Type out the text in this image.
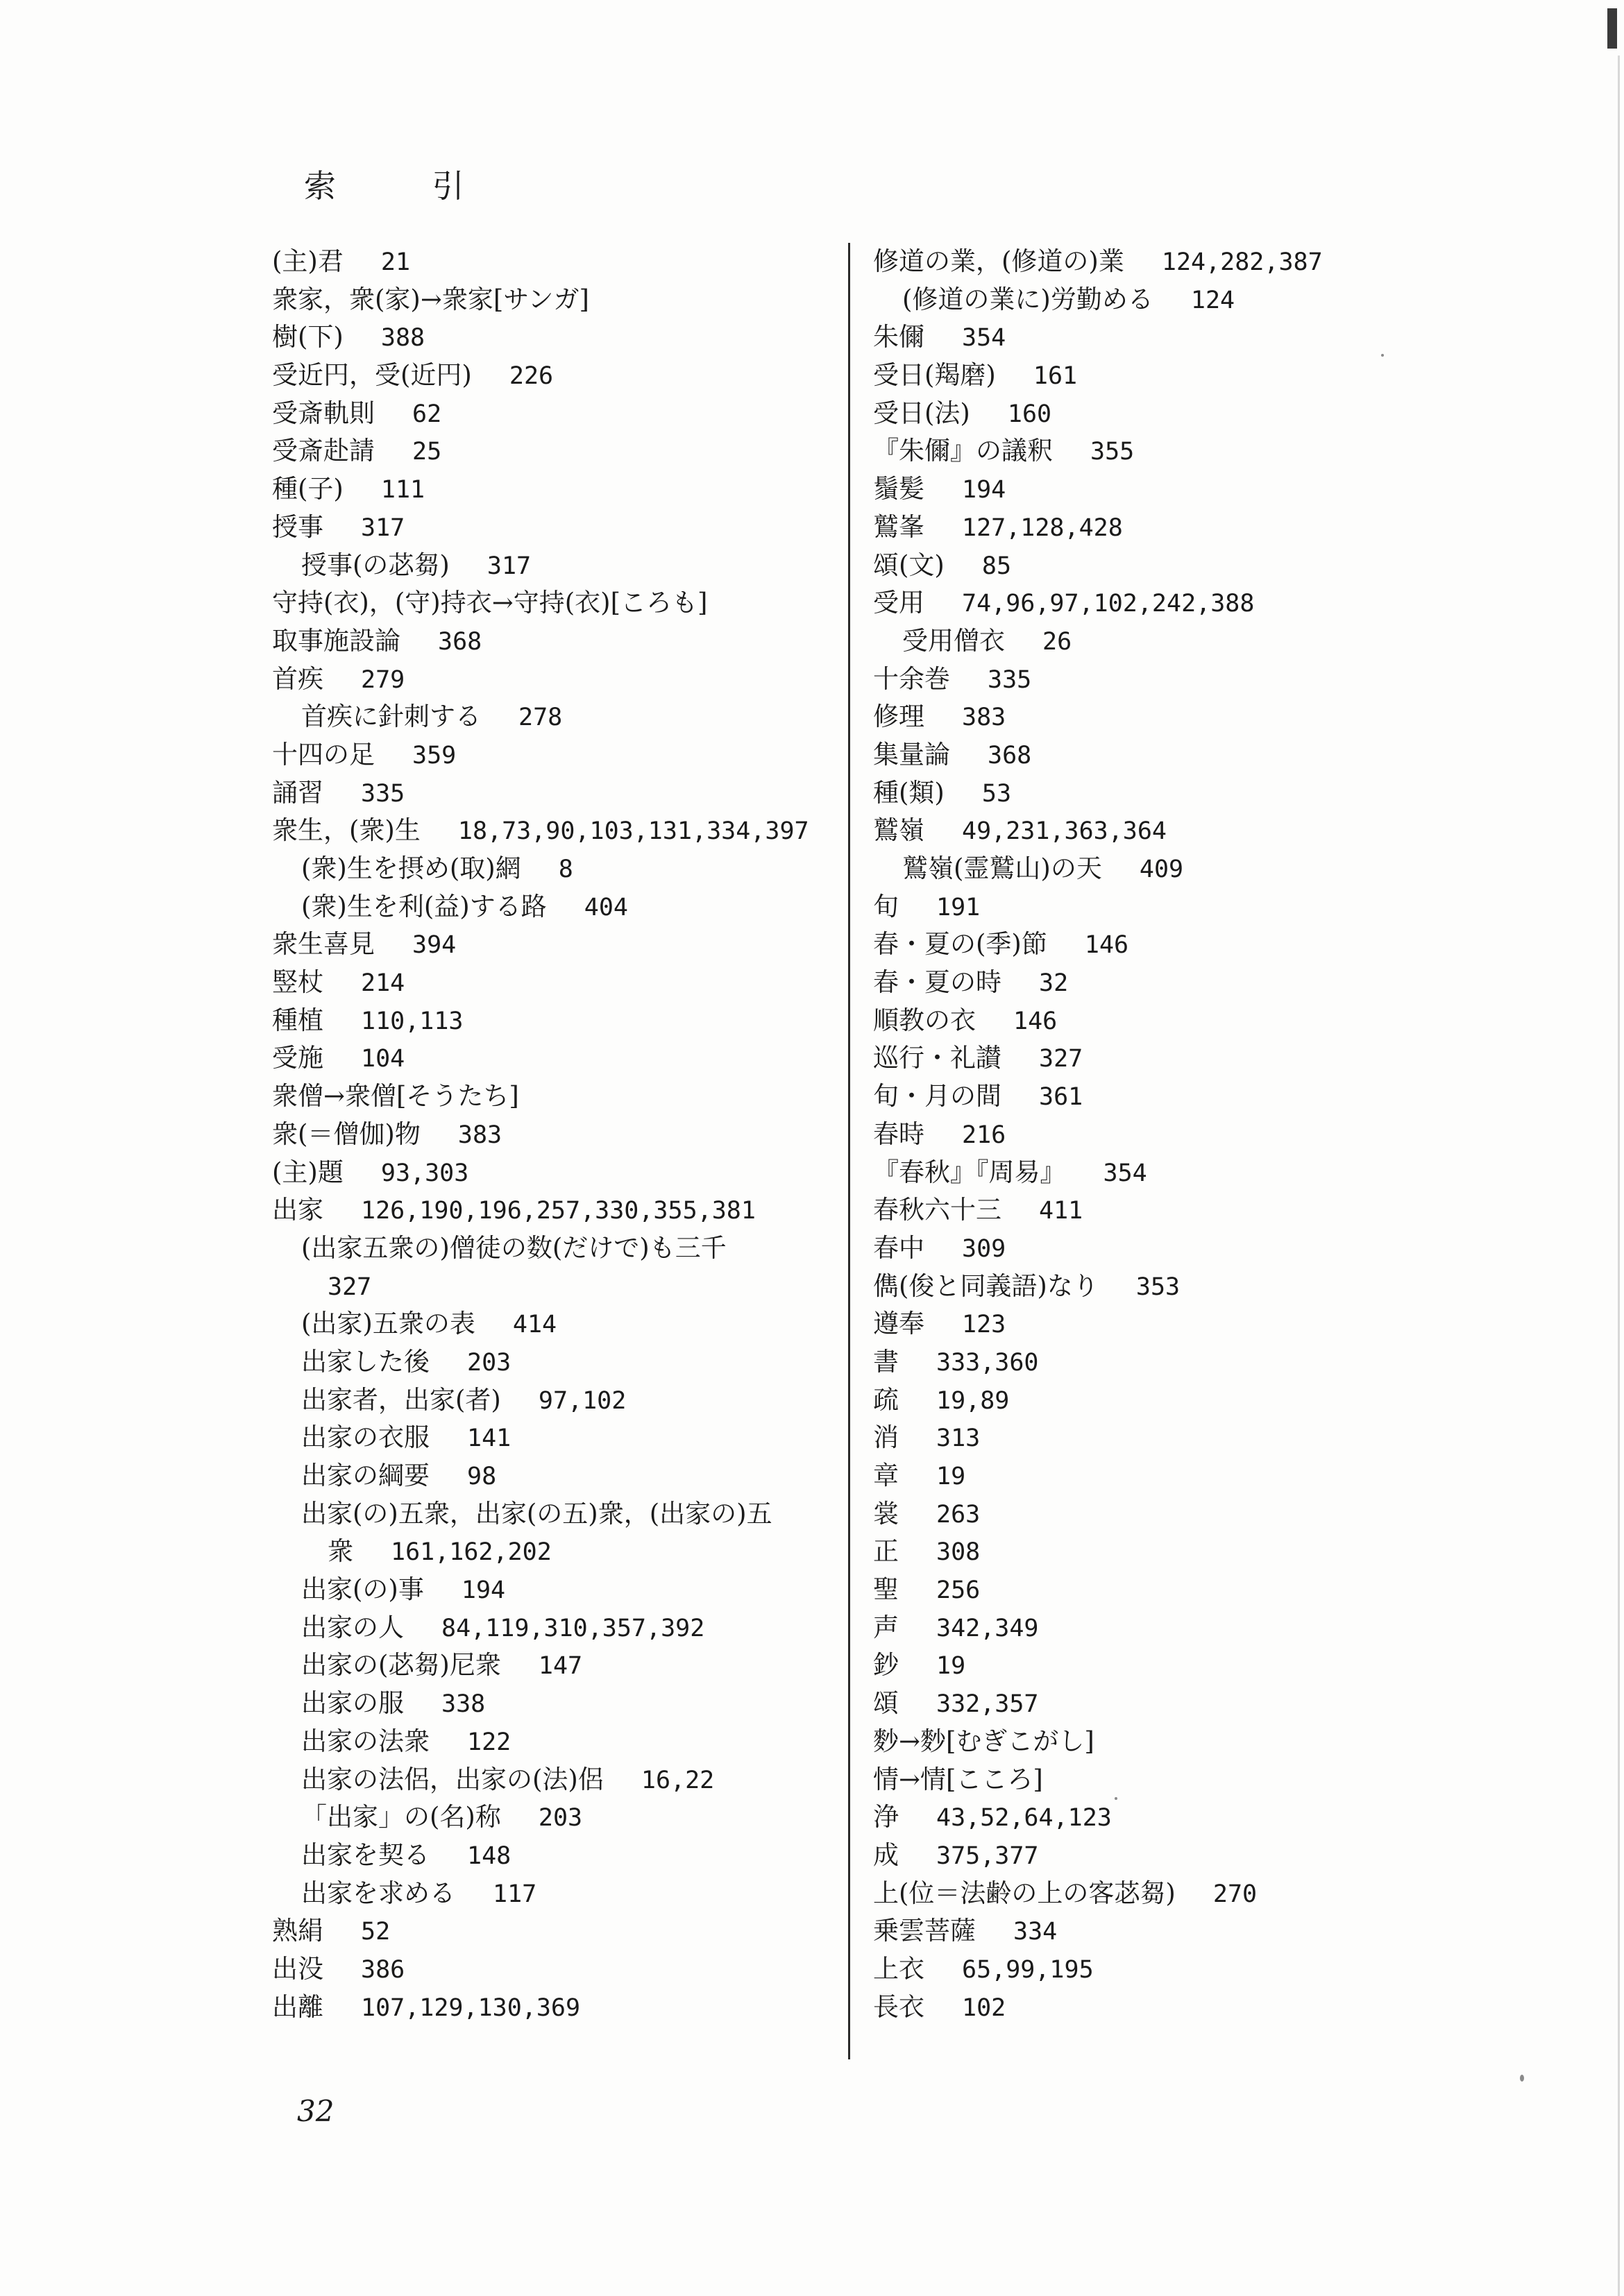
索 引
(主)君 21
衆家，衆(家)→衆家[サンガ]
樹(下) 388
受近円，受(近円) 226
受斎軌則 62
受斎赴請 25
種(子) 111
授事 317
授事(の苾芻) 317
守持(衣)，(守)持衣→守持(衣)[ころも]
取事施設論 368
首疾 279
首疾に針刺する 278
十四の足 359
誦習 335
衆生，(衆)生 18,73,90,103,131,334,397
(衆)生を摂め(取)網 8
(衆)生を利(益)する路 404
衆生喜見 394
竪杖 214
種植 110,113
受施 104
衆僧→衆僧[そうたち]
衆(＝僧伽)物 383
(主)題 93,303
出家 126,190,196,257,330,355,381
(出家五衆の)僧徒の数(だけで)も三千
327
(出家)五衆の表 414
出家した後 203
出家者，出家(者) 97,102
出家の衣服 141
出家の綱要 98
出家(の)五衆，出家(の五)衆，(出家の)五
衆 161,162,202
出家(の)事 194
出家の人 84,119,310,357,392
出家の(苾芻)尼衆 147
出家の服 338
出家の法衆 122
出家の法侶，出家の(法)侶 16,22
「出家」の(名)称 203
出家を契る 148
出家を求める 117
熟絹 52
出没 386
出離 107,129,130,369
修道の業，(修道の)業 124,282,387
(修道の業に)労勤める 124
朱儞 354
受日(羯磨) 161
受日(法) 160
『朱儞』の議釈 355
鬚髪 194
鷲峯 127,128,428
頌(文) 85
受用 74,96,97,102,242,388
受用僧衣 26
十余巻 335
修理 383
集量論 368
種(類) 53
鷲嶺 49,231,363,364
鷲嶺(霊鷲山)の天 409
旬 191
春・夏の(季)節 146
春・夏の時 32
順教の衣 146
巡行・礼讃 327
旬・月の間 361
春時 216
『春秋』『周易』 354
春秋六十三 411
春中 309
儁(俊と同義語)なり 353
遵奉 123
書 333,360
疏 19,89
消 313
章 19
裳 263
正 308
聖 256
声 342,349
鈔 19
頌 332,357
麨→麨[むぎこがし]
情→情[こころ]
浄 43,52,64,123
成 375,377
上(位＝法齢の上の客苾芻) 270
乗雲菩薩 334
上衣 65,99,195
長衣 102
32
